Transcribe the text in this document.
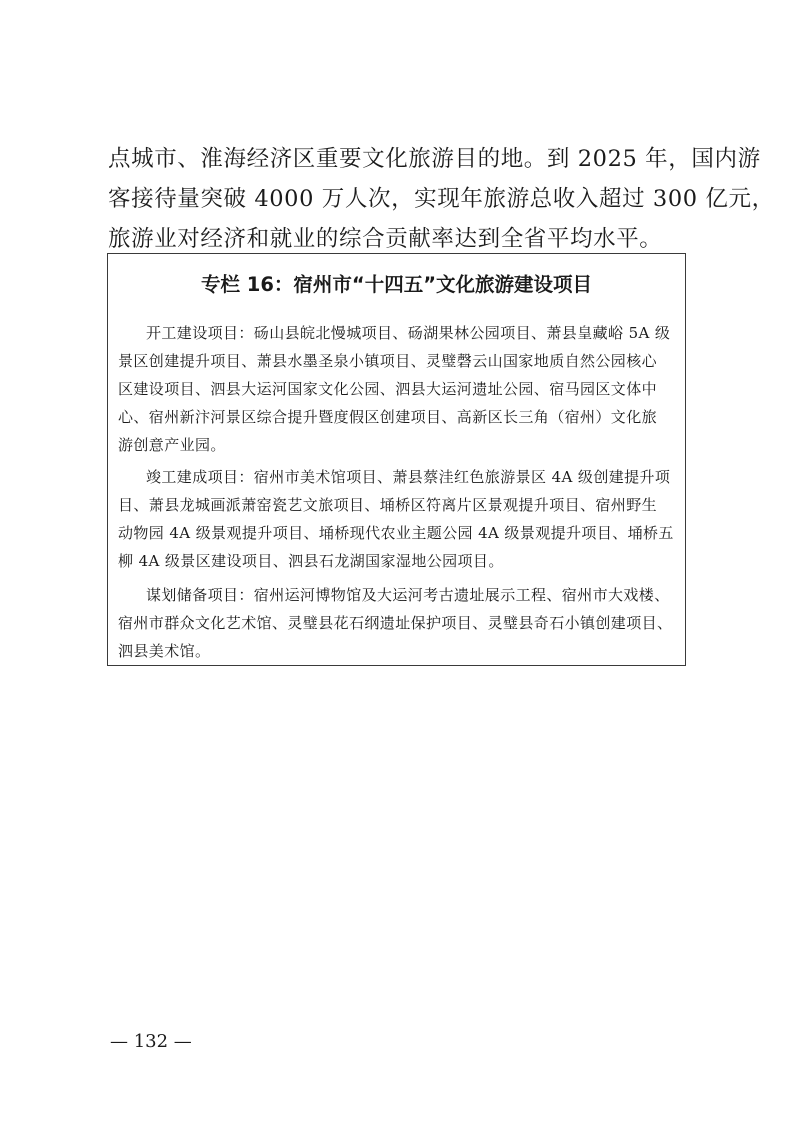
点城市、淮海经济区重要文化旅游目的地。到 2025 年，国内游
客接待量突破 4000 万人次，实现年旅游总收入超过 300 亿元，
旅游业对经济和就业的综合贡献率达到全省平均水平。
专栏 16：宿州市“十四五”文化旅游建设项目
开工建设项目：砀山县皖北慢城项目、砀湖果林公园项目、萧县皇藏峪 5A 级
景区创建提升项目、萧县水墨圣泉小镇项目、灵璧磬云山国家地质自然公园核心
区建设项目、泗县大运河国家文化公园、泗县大运河遗址公园、宿马园区文体中
心、宿州新汴河景区综合提升暨度假区创建项目、高新区长三角（宿州）文化旅
游创意产业园。
竣工建成项目：宿州市美术馆项目、萧县蔡洼红色旅游景区 4A 级创建提升项
目、萧县龙城画派萧窑瓷艺文旅项目、埇桥区符离片区景观提升项目、宿州野生
动物园 4A 级景观提升项目、埇桥现代农业主题公园 4A 级景观提升项目、埇桥五
柳 4A 级景区建设项目、泗县石龙湖国家湿地公园项目。
谋划储备项目：宿州运河博物馆及大运河考古遗址展示工程、宿州市大戏楼、
宿州市群众文化艺术馆、灵璧县花石纲遗址保护项目、灵璧县奇石小镇创建项目、
泗县美术馆。
— 132 —
